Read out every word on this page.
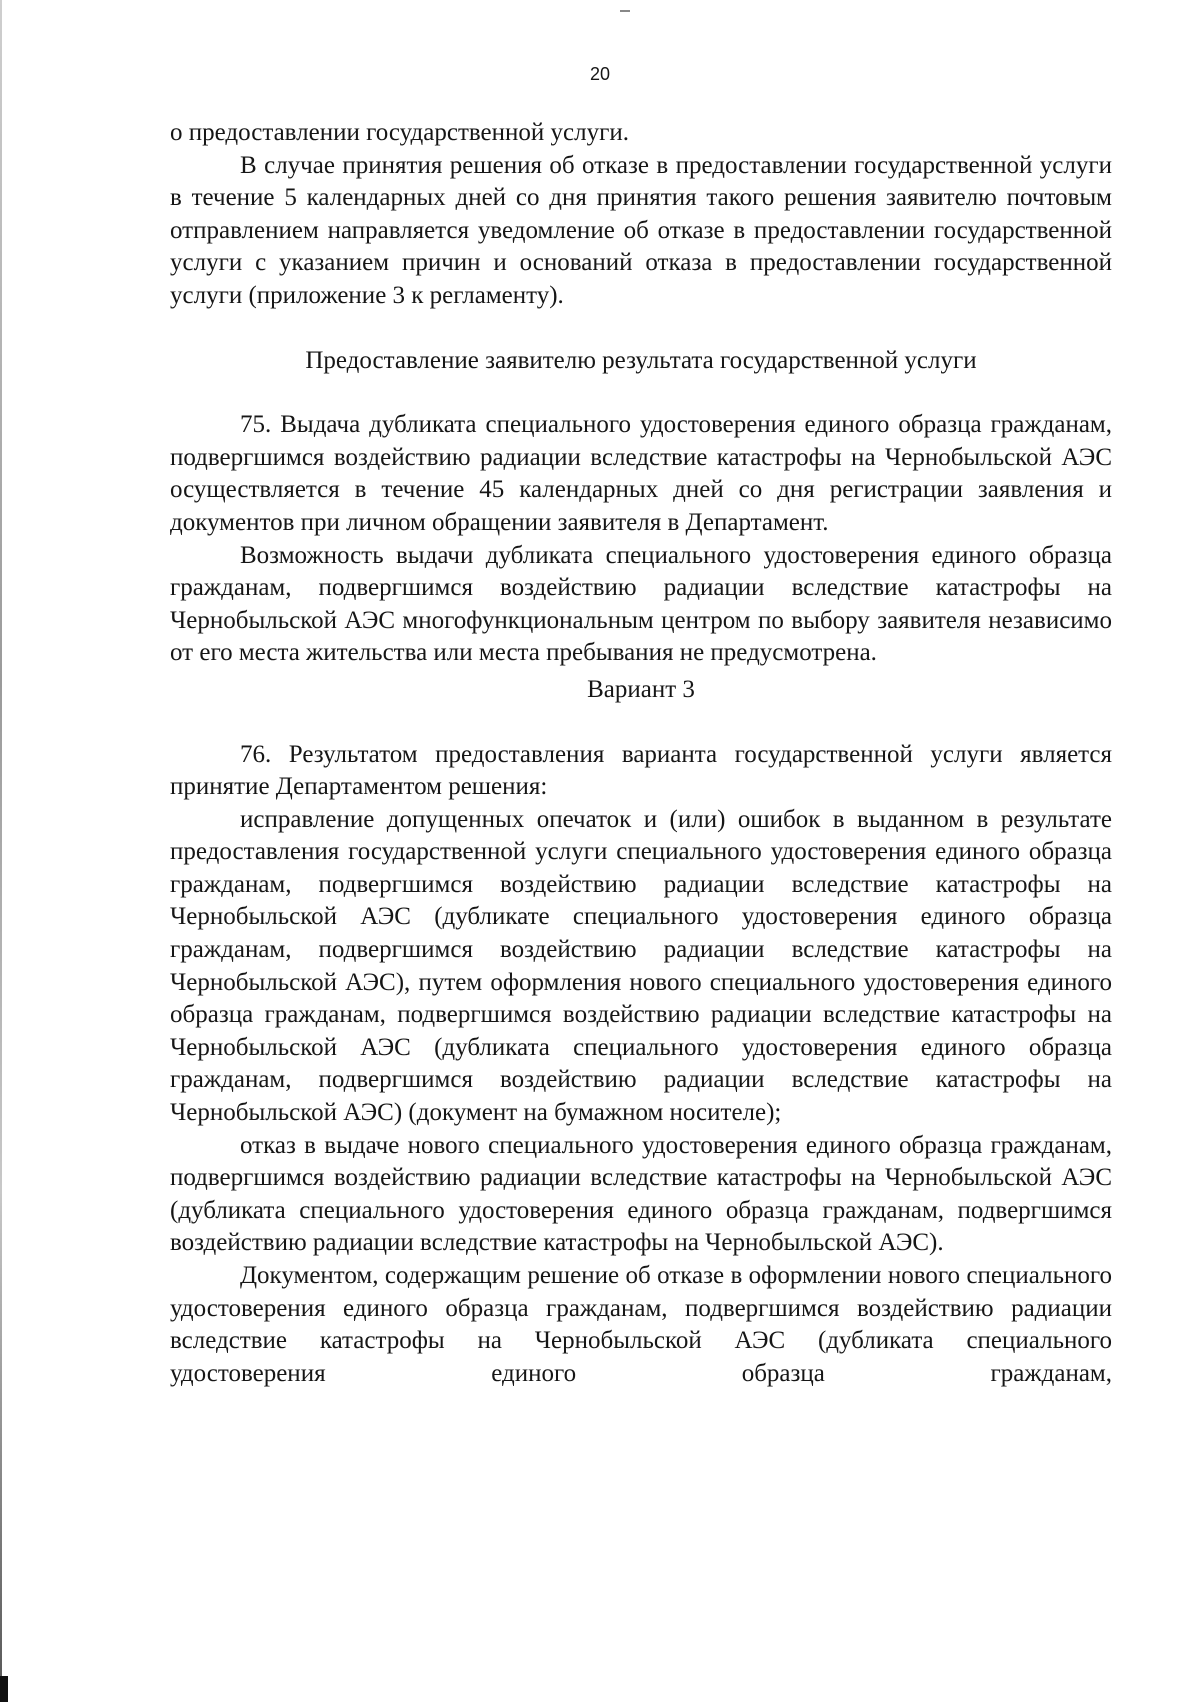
20

о предоставлении государственной услуги.

В случае принятия решения об отказе в предоставлении государственной услуги в течение 5 календарных дней со дня принятия такого решения заявителю почтовым отправлением направляется уведомление об отказе в предоставлении государственной услуги с указанием причин и оснований отказа в предоставлении государственной услуги (приложение 3 к регламенту).

Предоставление заявителю результата государственной услуги

75. Выдача дубликата специального удостоверения единого образца гражданам, подвергшимся воздействию радиации вследствие катастрофы на Чернобыльской АЭС осуществляется в течение 45 календарных дней со дня регистрации заявления и документов при личном обращении заявителя в Департамент.

Возможность выдачи дубликата специального удостоверения единого образца гражданам, подвергшимся воздействию радиации вследствие катастрофы на Чернобыльской АЭС многофункциональным центром по выбору заявителя независимо от его места жительства или места пребывания не предусмотрена.

Вариант 3

76. Результатом предоставления варианта государственной услуги является принятие Департаментом решения:

исправление допущенных опечаток и (или) ошибок в выданном в результате предоставления государственной услуги специального удостоверения единого образца гражданам, подвергшимся воздействию радиации вследствие катастрофы на Чернобыльской АЭС (дубликате специального удостоверения единого образца гражданам, подвергшимся воздействию радиации вследствие катастрофы на Чернобыльской АЭС), путем оформления нового специального удостоверения единого образца гражданам, подвергшимся воздействию радиации вследствие катастрофы на Чернобыльской АЭС (дубликата специального удостоверения единого образца гражданам, подвергшимся воздействию радиации вследствие катастрофы на Чернобыльской АЭС) (документ на бумажном носителе);

отказ в выдаче нового специального удостоверения единого образца гражданам, подвергшимся воздействию радиации вследствие катастрофы на Чернобыльской АЭС (дубликата специального удостоверения единого образца гражданам, подвергшимся воздействию радиации вследствие катастрофы на Чернобыльской АЭС).

Документом, содержащим решение об отказе в оформлении нового специального удостоверения единого образца гражданам, подвергшимся воздействию радиации вследствие катастрофы на Чернобыльской АЭС (дубликата специального удостоверения единого образца гражданам,
